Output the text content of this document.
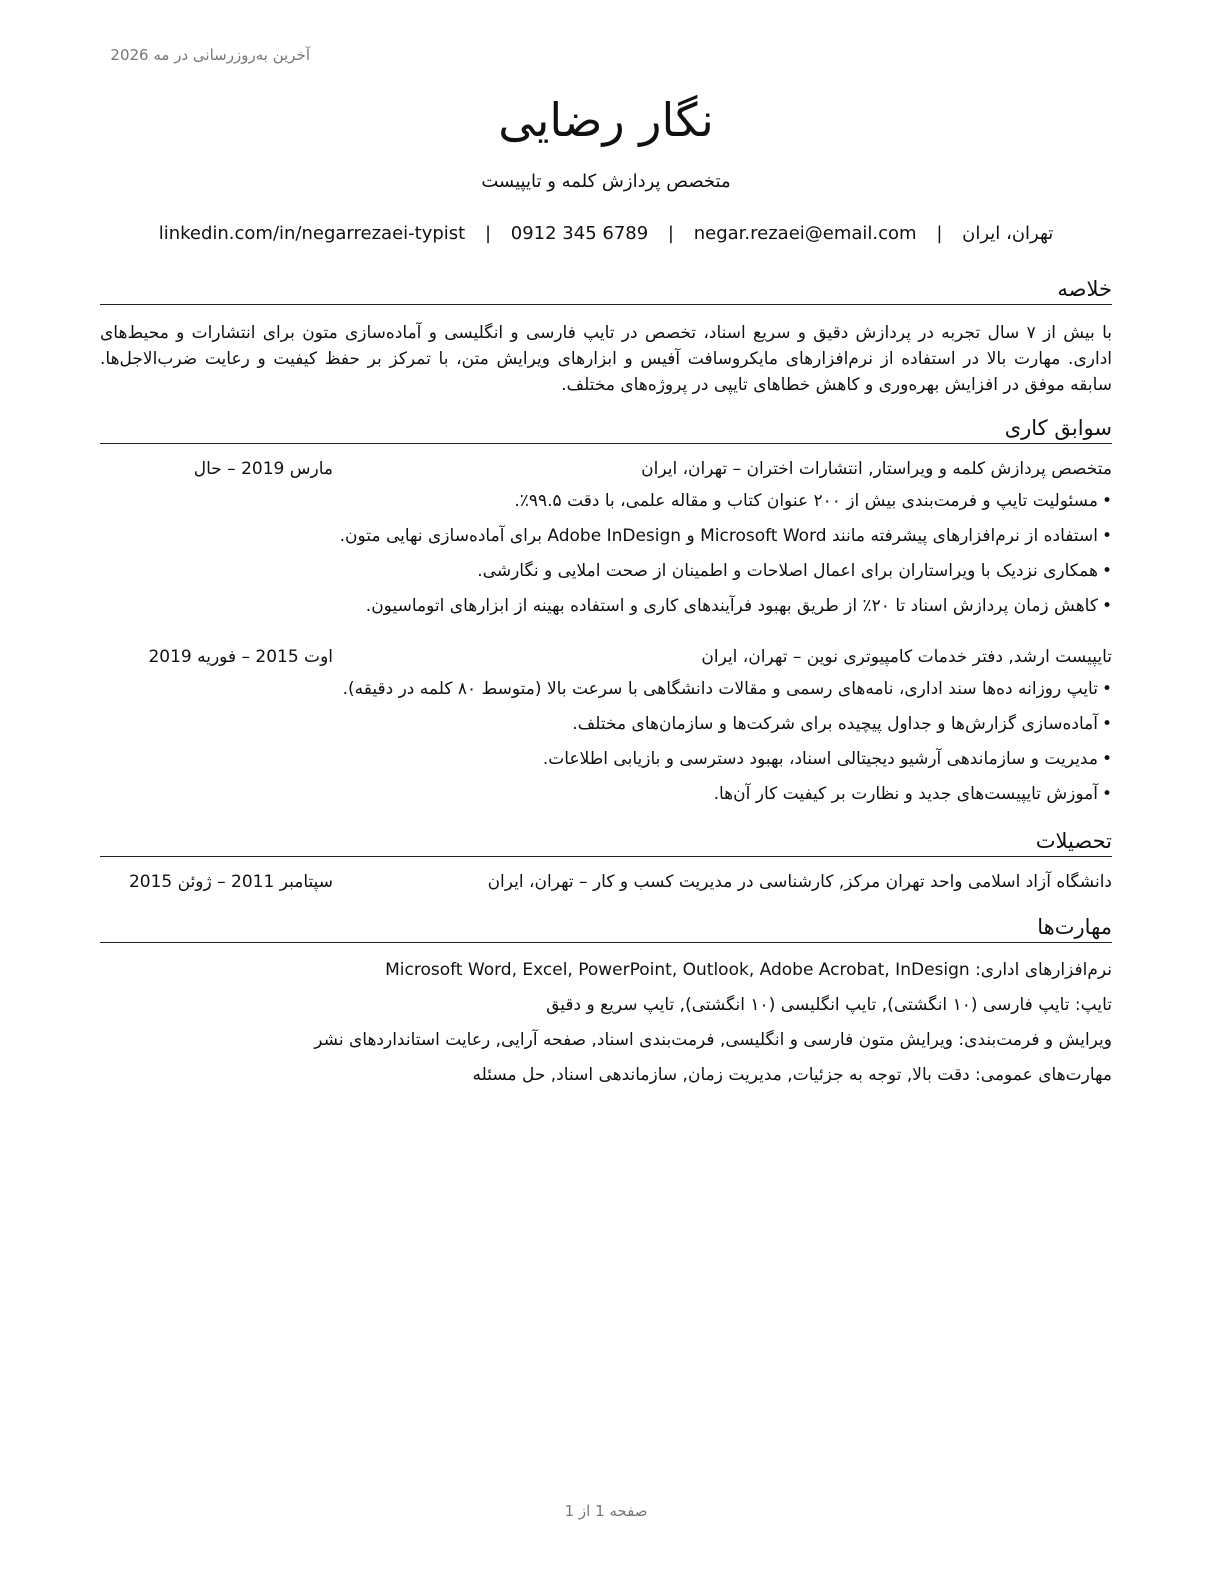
آخرین به‌روزرسانی در مه 2026
نگار رضایی
متخصص پردازش کلمه و تایپیست
تهران، ایران | negar.rezaei@email.com | 0912 345 6789 | linkedin.com/in/negarrezaei-typist
خلاصه
با بیش از ۷ سال تجربه در پردازش دقیق و سریع اسناد، تخصص در تایپ فارسی و انگلیسی و آماده‌سازی متون برای انتشارات و محیط‌های اداری. مهارت بالا در استفاده از نرم‌افزارهای مایکروسافت آفیس و ابزارهای ویرایش متن، با تمرکز بر حفظ کیفیت و رعایت ضرب‌الاجل‌ها. سابقه موفق در افزایش بهره‌وری و کاهش خطاهای تایپی در پروژه‌های مختلف.
سوابق کاری
متخصص پردازش کلمه و ویراستار, انتشارات اختران – تهران، ایران
مارس 2019 – حال
•مسئولیت تایپ و فرمت‌بندی بیش از ۲۰۰ عنوان کتاب و مقاله علمی، با دقت ۹۹.۵٪.
•استفاده از نرم‌افزارهای پیشرفته مانند Microsoft Word و Adobe InDesign برای آماده‌سازی نهایی متون.
•همکاری نزدیک با ویراستاران برای اعمال اصلاحات و اطمینان از صحت املایی و نگارشی.
•کاهش زمان پردازش اسناد تا ۲۰٪ از طریق بهبود فرآیندهای کاری و استفاده بهینه از ابزارهای اتوماسیون.
تایپیست ارشد, دفتر خدمات کامپیوتری نوین – تهران، ایران
اوت 2015 – فوریه 2019
•تایپ روزانه ده‌ها سند اداری، نامه‌های رسمی و مقالات دانشگاهی با سرعت بالا (متوسط ۸۰ کلمه در دقیقه).
•آماده‌سازی گزارش‌ها و جداول پیچیده برای شرکت‌ها و سازمان‌های مختلف.
•مدیریت و سازماندهی آرشیو دیجیتالی اسناد، بهبود دسترسی و بازیابی اطلاعات.
•آموزش تایپیست‌های جدید و نظارت بر کیفیت کار آن‌ها.
تحصیلات
دانشگاه آزاد اسلامی واحد تهران مرکز, کارشناسی در مدیریت کسب و کار – تهران، ایران
سپتامبر 2011 – ژوئن 2015
مهارت‌ها
نرم‌افزارهای اداری: Microsoft Word, Excel, PowerPoint, Outlook, Adobe Acrobat, InDesign
تایپ: تایپ فارسی (۱۰ انگشتی), تایپ انگلیسی (۱۰ انگشتی), تایپ سریع و دقیق
ویرایش و فرمت‌بندی: ویرایش متون فارسی و انگلیسی, فرمت‌بندی اسناد, صفحه آرایی, رعایت استانداردهای نشر
مهارت‌های عمومی: دقت بالا, توجه به جزئیات, مدیریت زمان, سازماندهی اسناد, حل مسئله
صفحه 1 از 1
